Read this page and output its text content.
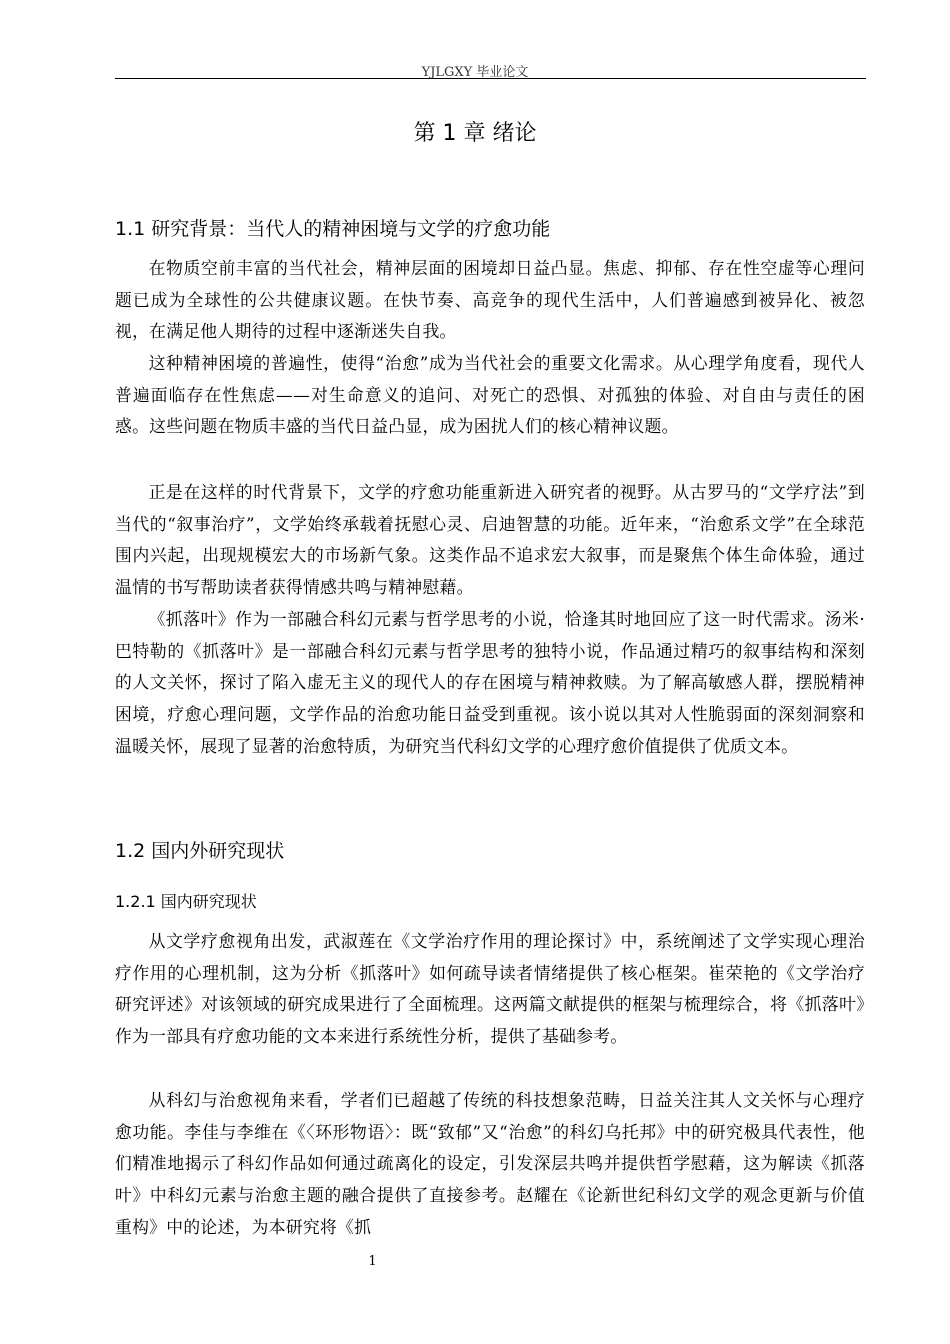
YJLGXY 毕业论文
第 1 章 绪论
1.1 研究背景：当代人的精神困境与文学的疗愈功能

在物质空前丰富的当代社会，精神层面的困境却日益凸显。焦虑、抑郁、存在性空虚等心理问题已成为全球性的公共健康议题。在快节奏、高竞争的现代生活中，人们普遍感到被异化、被忽视，在满足他人期待的过程中逐渐迷失自我。

这种精神困境的普遍性，使得“治愈”成为当代社会的重要文化需求。从心理学角度看，现代人普遍面临存在性焦虑——对生命意义的追问、对死亡的恐惧、对孤独的体验、对自由与责任的困惑。这些问题在物质丰盛的当代日益凸显，成为困扰人们的核心精神议题。

正是在这样的时代背景下，文学的疗愈功能重新进入研究者的视野。从古罗马的“文学疗法”到当代的“叙事治疗”，文学始终承载着抚慰心灵、启迪智慧的功能。近年来，“治愈系文学”在全球范围内兴起，出现规模宏大的市场新气象。这类作品不追求宏大叙事，而是聚焦个体生命体验，通过温情的书写帮助读者获得情感共鸣与精神慰藉。

《抓落叶》作为一部融合科幻元素与哲学思考的小说，恰逢其时地回应了这一时代需求。汤米·巴特勒的《抓落叶》是一部融合科幻元素与哲学思考的独特小说，作品通过精巧的叙事结构和深刻的人文关怀，探讨了陷入虚无主义的现代人的存在困境与精神救赎。为了解高敏感人群，摆脱精神困境，疗愈心理问题，文学作品的治愈功能日益受到重视。该小说以其对人性脆弱面的深刻洞察和温暖关怀，展现了显著的治愈特质，为研究当代科幻文学的心理疗愈价值提供了优质文本。

1.2 国内外研究现状
1.2.1 国内研究现状

从文学疗愈视角出发，武淑莲在《文学治疗作用的理论探讨》中，系统阐述了文学实现心理治疗作用的心理机制，这为分析《抓落叶》如何疏导读者情绪提供了核心框架。崔荣艳的《文学治疗研究评述》对该领域的研究成果进行了全面梳理。这两篇文献提供的框架与梳理综合，将《抓落叶》作为一部具有疗愈功能的文本来进行系统性分析，提供了基础参考。

从科幻与治愈视角来看，学者们已超越了传统的科技想象范畴，日益关注其人文关怀与心理疗愈功能。李佳与李维在《〈环形物语〉：既“致郁”又“治愈”的科幻乌托邦》中的研究极具代表性，他们精准地揭示了科幻作品如何通过疏离化的设定，引发深层共鸣并提供哲学慰藉，这为解读《抓落叶》中科幻元素与治愈主题的融合提供了直接参考。赵耀在《论新世纪科幻文学的观念更新与价值重构》中的论述，为本研究将《抓

1
